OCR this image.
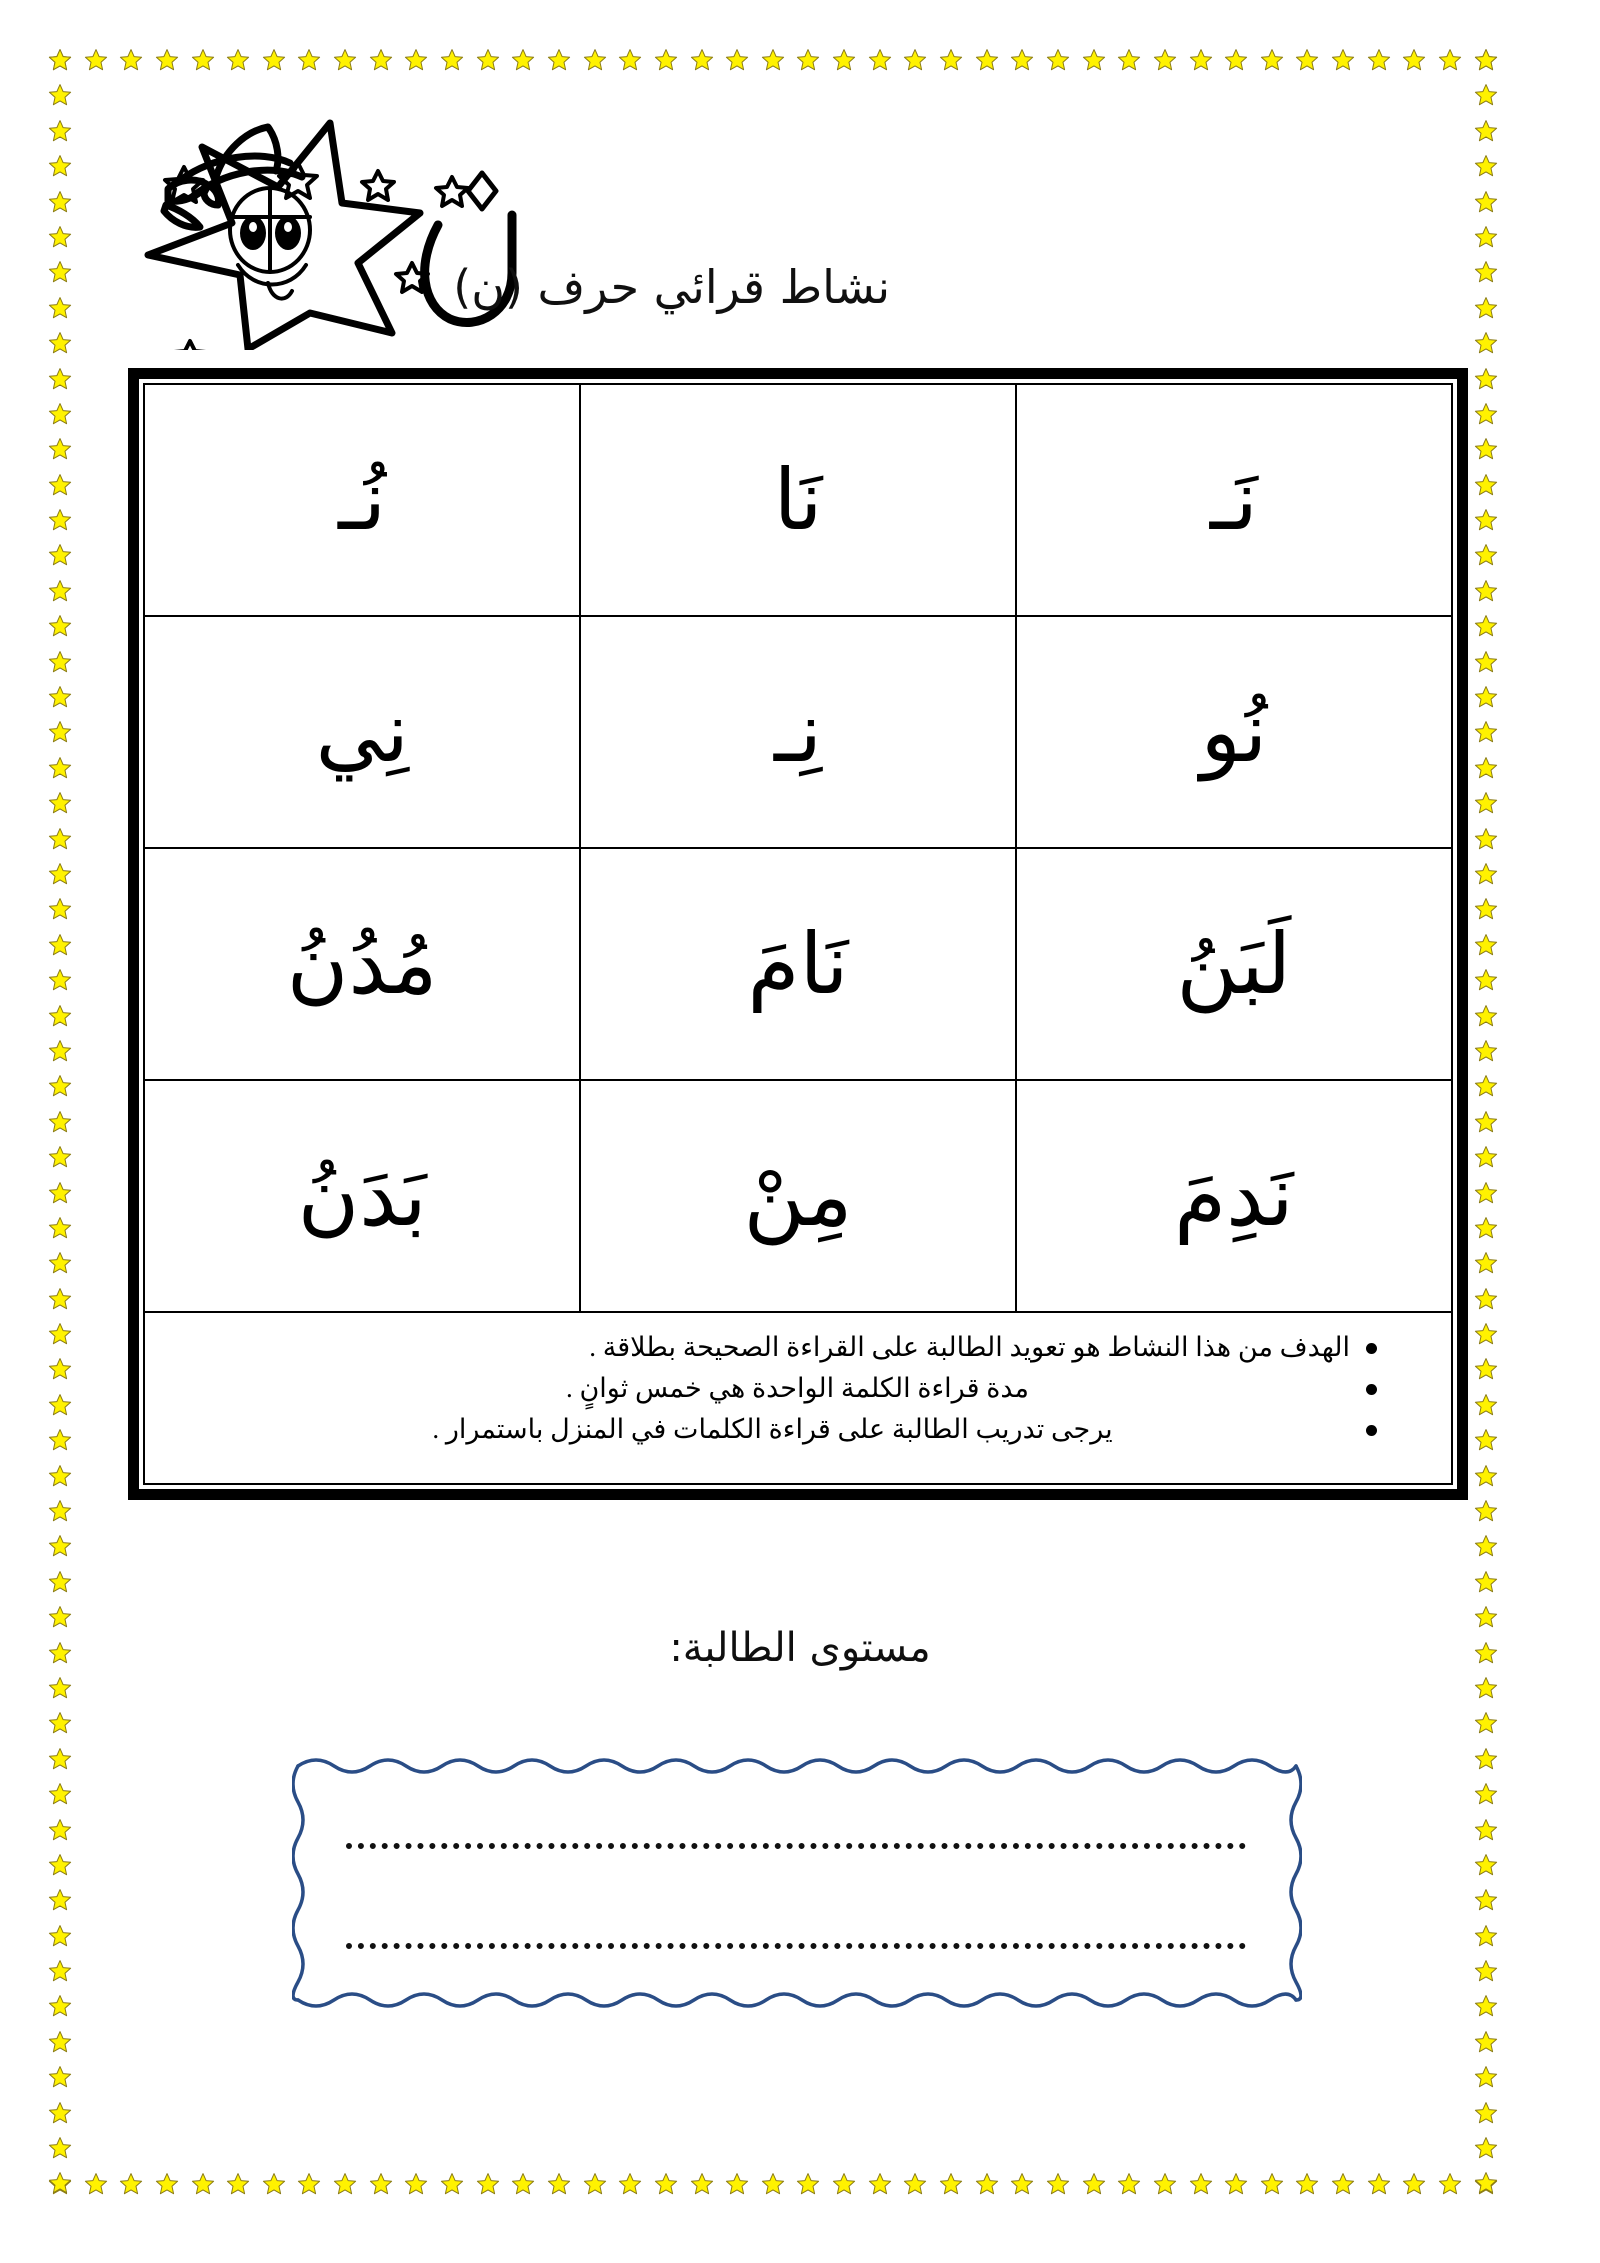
نشاط قرائي حرف (ن)
نَـ	نَا	نُـ
نُو	نِـ	نِي
لَبَنُ	نَامَ	مُدُنُ
نَدِمَ	مِنْ	بَدَنُ
الهدف من هذا النشاط هو تعويد الطالبة على القراءة الصحيحة بطلاقة .
مدة قراءة الكلمة الواحدة هي خمس ثوانٍ .
يرجى تدريب الطالبة على قراءة الكلمات في المنزل باستمرار .
مستوى الطالبة:
